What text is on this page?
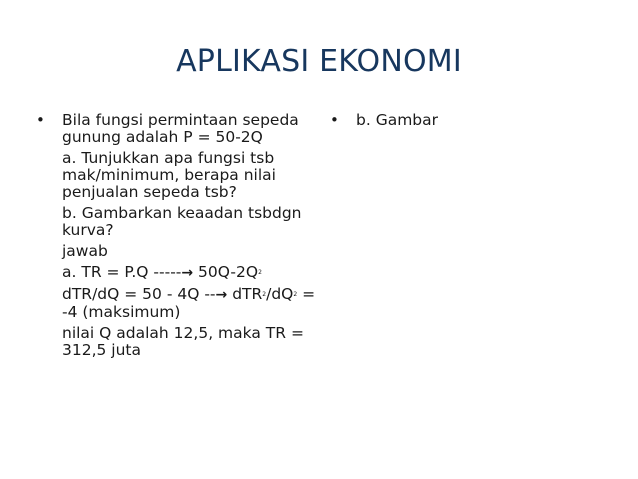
APLIKASI EKONOMI
•	Bila fungsi permintaan sepeda gunung adalah P = 50-2Q
a. Tunjukkan apa fungsi tsb mak/minimum, berapa nilai penjualan sepeda tsb?
b. Gambarkan keaadan tsbdgn kurva?
jawab
a. TR = P.Q -----→ $50Q-2Q^2$
dTR/dQ = 50 - 4Q --→ $dTR^2/dQ^2 = -4$ (maksimum)
nilai Q adalah 12,5, maka TR = 312,5 juta
•	b. Gambar
